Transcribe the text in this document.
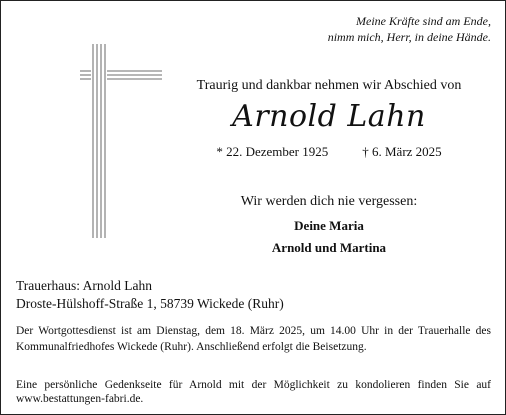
Meine Kräfte sind am Ende,
nimm mich, Herr, in deine Hände.
Traurig und dankbar nehmen wir Abschied von
Arnold Lahn
* 22. Dezember 1925	† 6. März 2025
Wir werden dich nie vergessen:
Deine Maria
Arnold und Martina
Trauerhaus: Arnold Lahn
Droste-Hülshoff-Straße 1, 58739 Wickede (Ruhr)
Der Wortgottesdienst ist am Dienstag, dem 18. März 2025, um 14.00 Uhr in der Trauerhalle des Kommunalfriedhofes Wickede (Ruhr). Anschließend erfolgt die Beisetzung.
Eine persönliche Gedenkseite für Arnold mit der Möglichkeit zu kondolieren finden Sie auf www.bestattungen-fabri.de.
